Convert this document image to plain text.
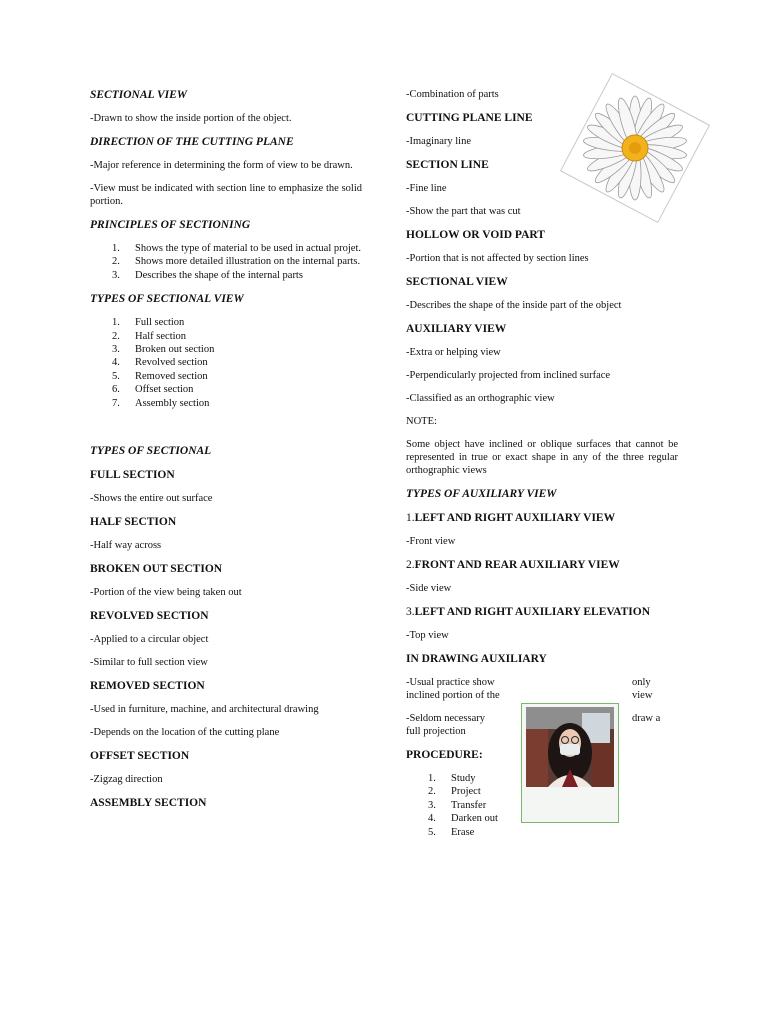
SECTIONAL VIEW

-Drawn to show the inside portion of the object.

DIRECTION OF THE CUTTING PLANE

-Major reference in determining the form of view to be drawn.

-View must be indicated with section line to emphasize the solid portion.

PRINCIPLES OF SECTIONING

1. Shows the type of material to be used in actual projet.
2. Shows more detailed illustration on the internal parts.
3. Describes the shape of the internal parts

TYPES OF SECTIONAL VIEW

1. Full section
2. Half section
3. Broken out section
4. Revolved section
5. Removed section
6. Offset section
7. Assembly section

TYPES OF SECTIONAL

FULL SECTION

-Shows the entire out surface

HALF SECTION

-Half way across

BROKEN OUT SECTION

-Portion of the view being taken out

REVOLVED SECTION

-Applied to a circular object

-Similar to full section view

REMOVED SECTION

-Used in furniture, machine, and architectural drawing

-Depends on the location of the cutting plane

OFFSET SECTION

-Zigzag direction

ASSEMBLY SECTION

-Combination of parts

CUTTING PLANE LINE

-Imaginary line

SECTION LINE

-Fine line

-Show the part that was cut

HOLLOW OR VOID PART

-Portion that is not affected by section lines

SECTIONAL VIEW

-Describes the shape of the inside part of the object

AUXILIARY VIEW

-Extra or helping view

-Perpendicularly projected from inclined surface

-Classified as an orthographic view

NOTE:

Some object have inclined or oblique surfaces that cannot be represented in true or exact shape in any of the three regular orthographic views

TYPES OF AUXILIARY VIEW

1.LEFT AND RIGHT AUXILIARY VIEW

-Front view

2.FRONT AND REAR AUXILIARY VIEW

-Side view

3.LEFT AND RIGHT AUXILIARY ELEVATION

-Top view

IN DRAWING AUXILIARY

-Usual practice show	only
inclined portion of the	view
-Seldom necessary	draw a
full projection

PROCEDURE:

1. Study
2. Project
3. Transfer
4. Darken out
5. Erase
